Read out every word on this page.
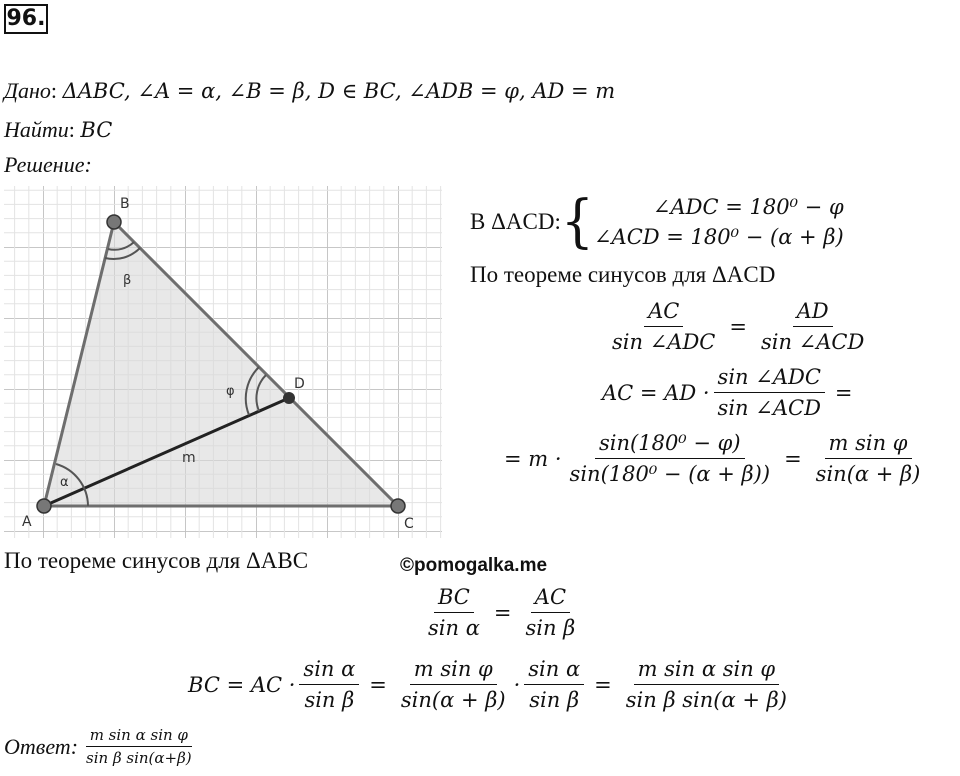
96.
Дано: ΔABC, ∠A = α, ∠B = β, D ∈ BC, ∠ADB = φ, AD = m
Найти: BC
Решение:
A
B
C
D
α
β
φ
m
В ΔACD: {	∠ADC = 180⁰ − φ
∠ACD = 180⁰ − (α + β)
По теореме синусов для ΔACD
$\frac{AC}{\text{sin ∠ADC}} = \frac{AD}{\text{sin ∠ACD}}$
AC = AD · $\frac{\text{sin ∠ADC}}{\text{sin ∠ACD}}$ =
= $m \cdot \frac{\text{sin(180⁰ − φ)}}{\text{sin(180⁰ − (α + β))}} = \frac{\text{m sin φ}}{\sin(\alpha + \beta)}$
По теореме синусов для ΔABC	©pomogalka.me
$\frac{BC}{\text{sin α}} = \frac{AC}{\text{sin β}}$
BC = AC · $\frac{\text{sin α}}{\text{sin β}} = \frac{\text{m sin φ}}{\sin(\alpha + \beta)} \cdot \frac{\text{sin α}}{\text{sin β}} = \frac{\text{m sin α sin φ}}{\text{sin β sin(α + β)}}$
Ответ: $\frac{\text{m sin α sin φ}}{\text{sin β sin(α+β)}}$
